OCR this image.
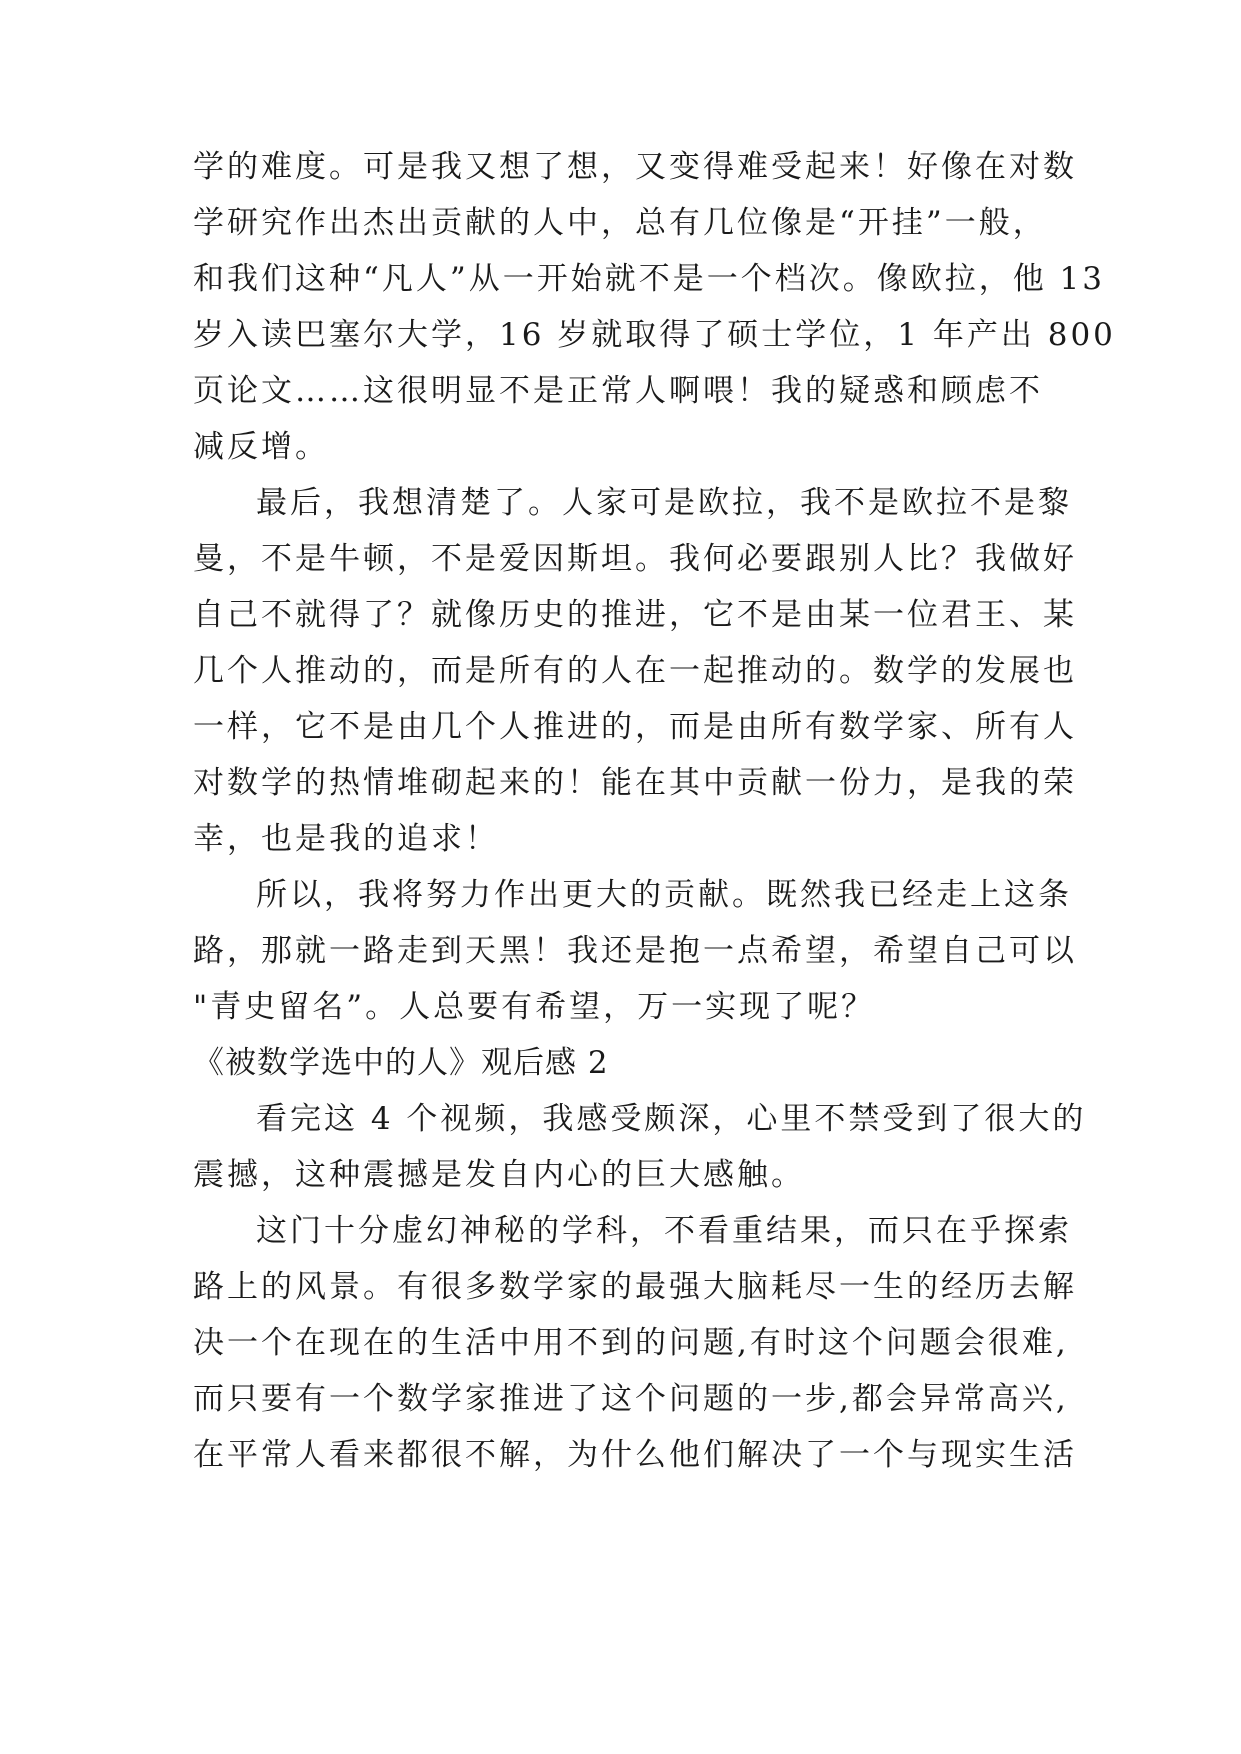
学的难度。可是我又想了想，又变得难受起来！好像在对数
学研究作出杰出贡献的人中，总有几位像是“开挂”一般，
和我们这种“凡人”从一开始就不是一个档次。像欧拉，他 13
岁入读巴塞尔大学，16 岁就取得了硕士学位，1 年产出 800
页论文……这很明显不是正常人啊喂！我的疑惑和顾虑不
减反增。
最后，我想清楚了。人家可是欧拉，我不是欧拉不是黎
曼，不是牛顿，不是爱因斯坦。我何必要跟别人比？我做好
自己不就得了？就像历史的推进，它不是由某一位君王、某
几个人推动的，而是所有的人在一起推动的。数学的发展也
一样，它不是由几个人推进的，而是由所有数学家、所有人
对数学的热情堆砌起来的！能在其中贡献一份力，是我的荣
幸，也是我的追求！
所以，我将努力作出更大的贡献。既然我已经走上这条
路，那就一路走到天黑！我还是抱一点希望，希望自己可以
"青史留名”。人总要有希望，万一实现了呢？
《被数学选中的人》观后感 2
看完这 4 个视频，我感受颇深，心里不禁受到了很大的
震撼，这种震撼是发自内心的巨大感触。
这门十分虚幻神秘的学科，不看重结果，而只在乎探索
路上的风景。有很多数学家的最强大脑耗尽一生的经历去解
决一个在现在的生活中用不到的问题,有时这个问题会很难,
而只要有一个数学家推进了这个问题的一步,都会异常高兴,
在平常人看来都很不解，为什么他们解决了一个与现实生活
